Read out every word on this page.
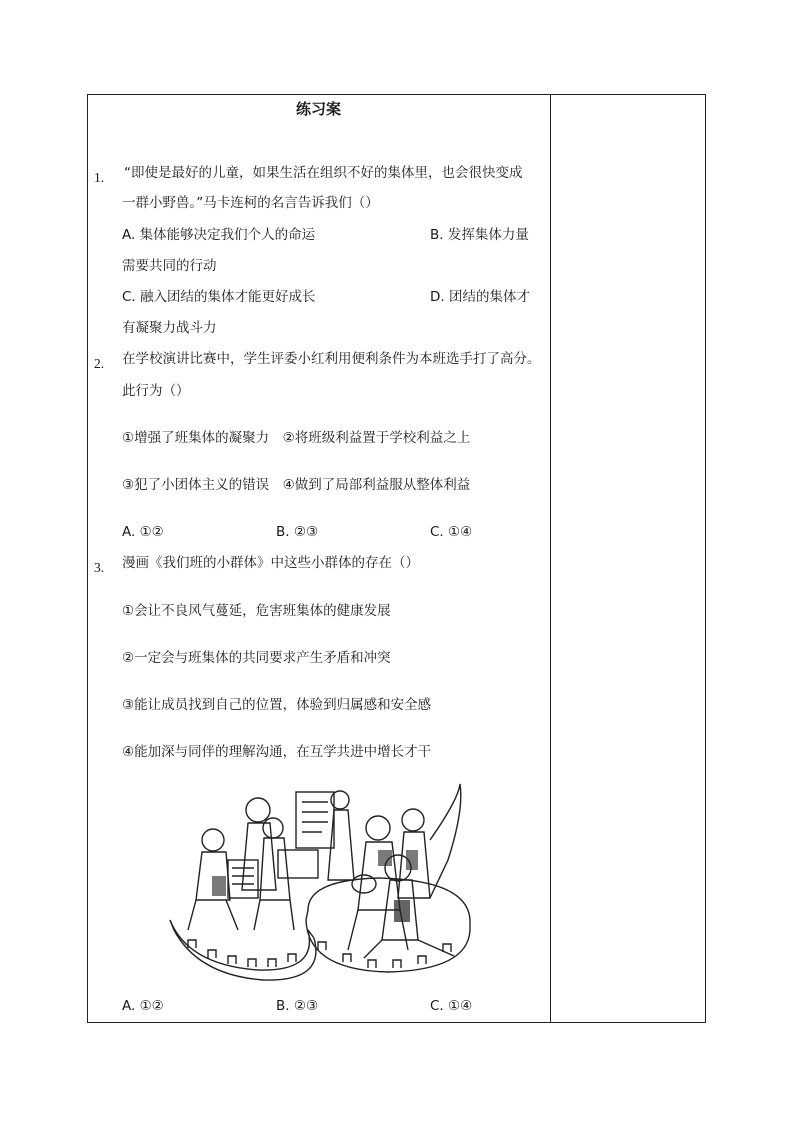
练习案
1. “即使是最好的儿童，如果生活在组织不好的集体里，也会很快变成
一群小野兽。”马卡连柯的名言告诉我们（）
A. 集体能够决定我们个人的命运	B. 发挥集体力量
需要共同的行动
C. 融入团结的集体才能更好成长	D. 团结的集体才
有凝聚力战斗力
2. 在学校演讲比赛中，学生评委小红利用便利条件为本班选手打了高分。
此行为（）
①增强了班集体的凝聚力　②将班级利益置于学校利益之上
③犯了小团体主义的错误　④做到了局部利益服从整体利益
A. ①②	B. ②③	C. ①④
3. 漫画《我们班的小群体》中这些小群体的存在（）
①会让不良风气蔓延，危害班集体的健康发展
②一定会与班集体的共同要求产生矛盾和冲突
③能让成员找到自己的位置，体验到归属感和安全感
④能加深与同伴的理解沟通，在互学共进中增长才干
A. ①②	B. ②③	C. ①④
